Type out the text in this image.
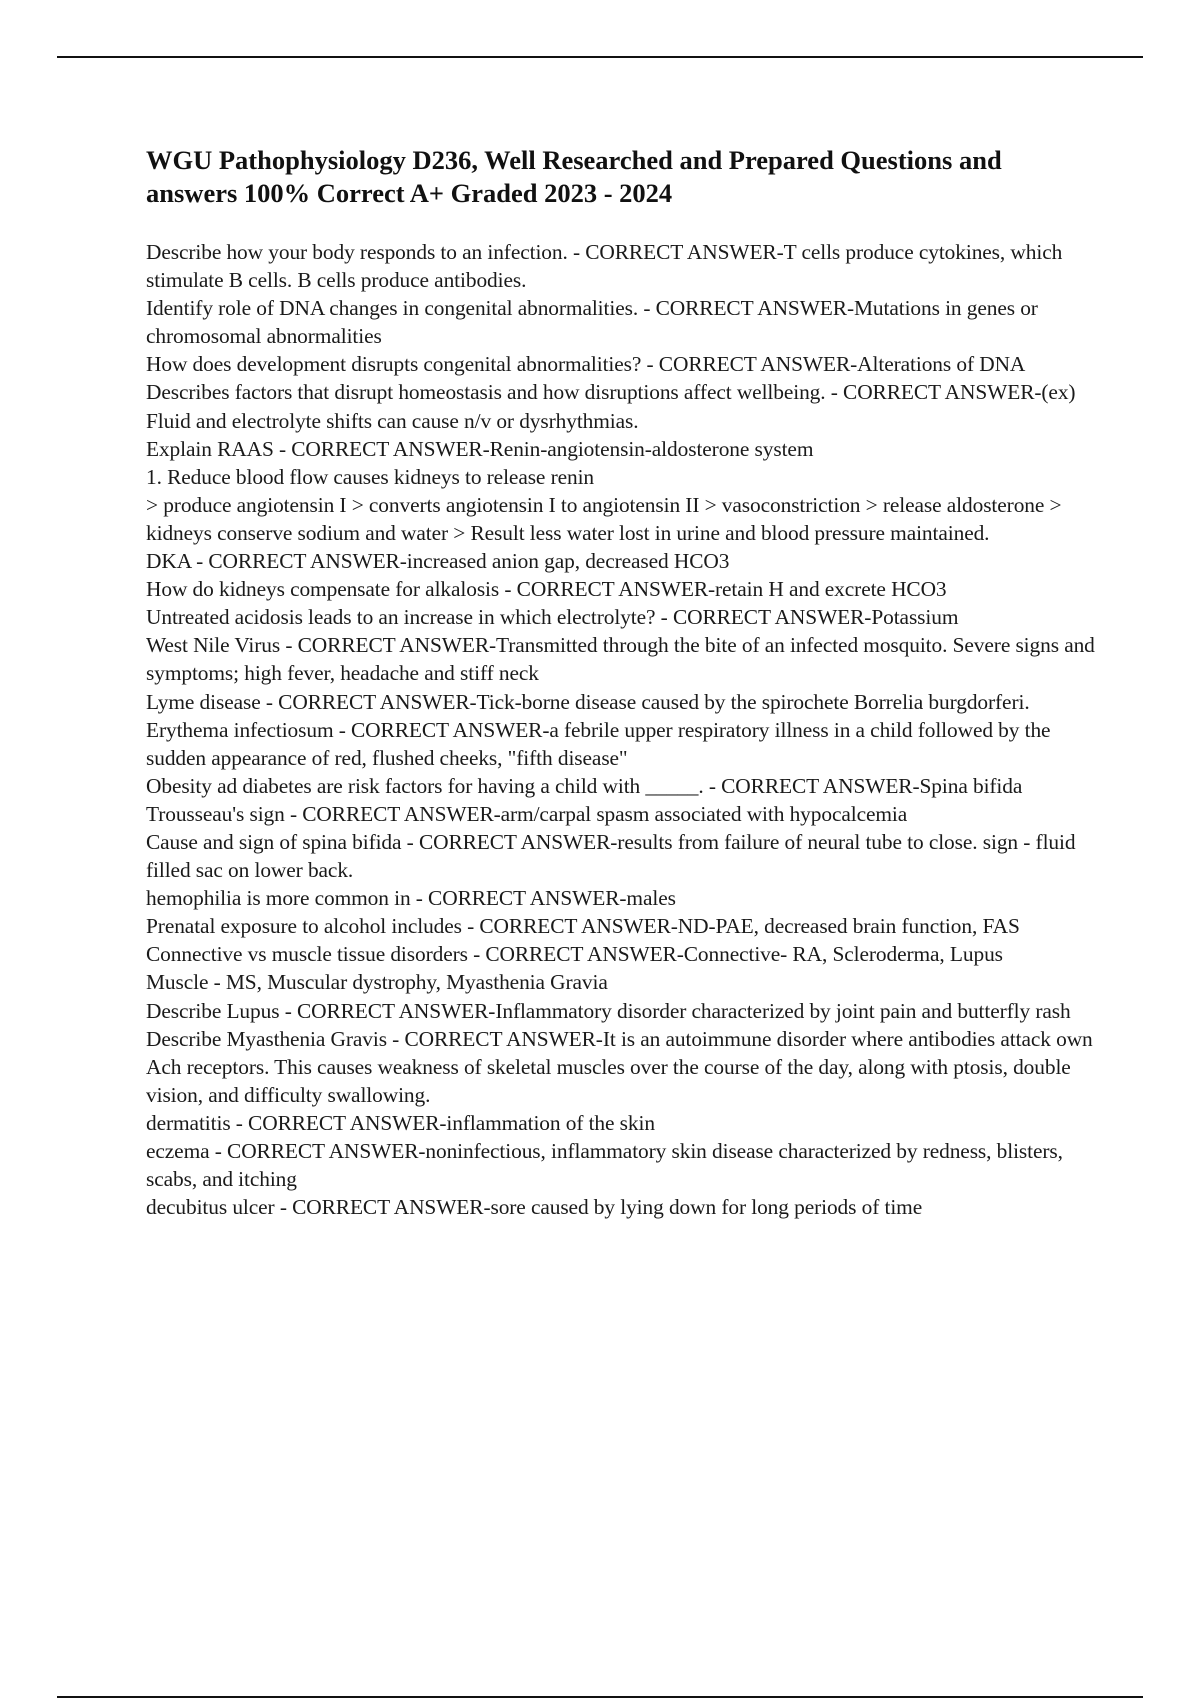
WGU Pathophysiology D236, Well Researched and Prepared Questions and answers 100% Correct A+ Graded 2023 - 2024
Describe how your body responds to an infection. - CORRECT ANSWER-T cells produce cytokines, which stimulate B cells. B cells produce antibodies.
Identify role of DNA changes in congenital abnormalities. - CORRECT ANSWER-Mutations in genes or chromosomal abnormalities
How does development disrupts congenital abnormalities? - CORRECT ANSWER-Alterations of DNA
Describes factors that disrupt homeostasis and how disruptions affect wellbeing. - CORRECT ANSWER-(ex) Fluid and electrolyte shifts can cause n/v or dysrhythmias.
Explain RAAS - CORRECT ANSWER-Renin-angiotensin-aldosterone system
1. Reduce blood flow causes kidneys to release renin
> produce angiotensin I > converts angiotensin I to angiotensin II > vasoconstriction > release aldosterone > kidneys conserve sodium and water > Result less water lost in urine and blood pressure maintained.
DKA - CORRECT ANSWER-increased anion gap, decreased HCO3
How do kidneys compensate for alkalosis - CORRECT ANSWER-retain H and excrete HCO3
Untreated acidosis leads to an increase in which electrolyte? - CORRECT ANSWER-Potassium
West Nile Virus - CORRECT ANSWER-Transmitted through the bite of an infected mosquito. Severe signs and symptoms; high fever, headache and stiff neck
Lyme disease - CORRECT ANSWER-Tick-borne disease caused by the spirochete Borrelia burgdorferi.
Erythema infectiosum - CORRECT ANSWER-a febrile upper respiratory illness in a child followed by the sudden appearance of red, flushed cheeks, "fifth disease"
Obesity ad diabetes are risk factors for having a child with _____. - CORRECT ANSWER-Spina bifida
Trousseau's sign - CORRECT ANSWER-arm/carpal spasm associated with hypocalcemia
Cause and sign of spina bifida - CORRECT ANSWER-results from failure of neural tube to close. sign - fluid filled sac on lower back.
hemophilia is more common in - CORRECT ANSWER-males
Prenatal exposure to alcohol includes - CORRECT ANSWER-ND-PAE, decreased brain function, FAS
Connective vs muscle tissue disorders - CORRECT ANSWER-Connective- RA, Scleroderma, Lupus
Muscle - MS, Muscular dystrophy, Myasthenia Gravia
Describe Lupus - CORRECT ANSWER-Inflammatory disorder characterized by joint pain and butterfly rash
Describe Myasthenia Gravis - CORRECT ANSWER-It is an autoimmune disorder where antibodies attack own Ach receptors. This causes weakness of skeletal muscles over the course of the day, along with ptosis, double vision, and difficulty swallowing.
dermatitis - CORRECT ANSWER-inflammation of the skin
eczema - CORRECT ANSWER-noninfectious, inflammatory skin disease characterized by redness, blisters, scabs, and itching
decubitus ulcer - CORRECT ANSWER-sore caused by lying down for long periods of time
